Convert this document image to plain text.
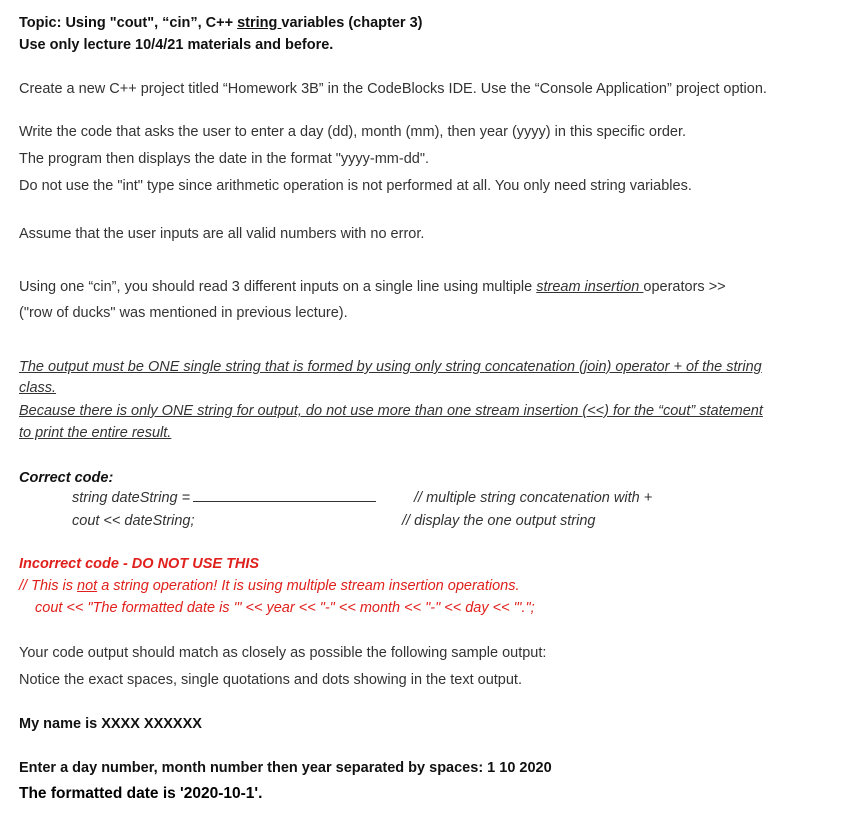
Topic: Using "cout", “cin”, C++ string variables (chapter 3)
Use only lecture 10/4/21 materials and before.
Create a new C++ project titled “Homework 3B” in the CodeBlocks IDE. Use the “Console Application” project option.
Write the code that asks the user to enter a day (dd), month (mm), then year (yyyy) in this specific order.
The program then displays the date in the format "yyyy-mm-dd".
Do not use the "int" type since arithmetic operation is not performed at all. You only need string variables.
Assume that the user inputs are all valid numbers with no error.
Using one “cin”, you should read 3 different inputs on a single line using multiple stream insertion operators >>
("row of ducks" was mentioned in previous lecture).
The output must be ONE single string that is formed by using only string concatenation (join) operator + of the string
class.
Because there is only ONE string for output, do not use more than one stream insertion (<<) for the “cout” statement
to print the entire result.
Correct code:
string dateString =	// multiple string concatenation with +
cout << dateString;	// display the one output string
Incorrect code - DO NOT USE THIS
// This is not a string operation! It is using multiple stream insertion operations.
cout << "The formatted date is '" << year << "-" << month << "-" << day << "'.";
Your code output should match as closely as possible the following sample output:
Notice the exact spaces, single quotations and dots showing in the text output.
My name is XXXX XXXXXX
Enter a day number, month number then year separated by spaces: 1 10 2020
The formatted date is '2020-10-1'.
